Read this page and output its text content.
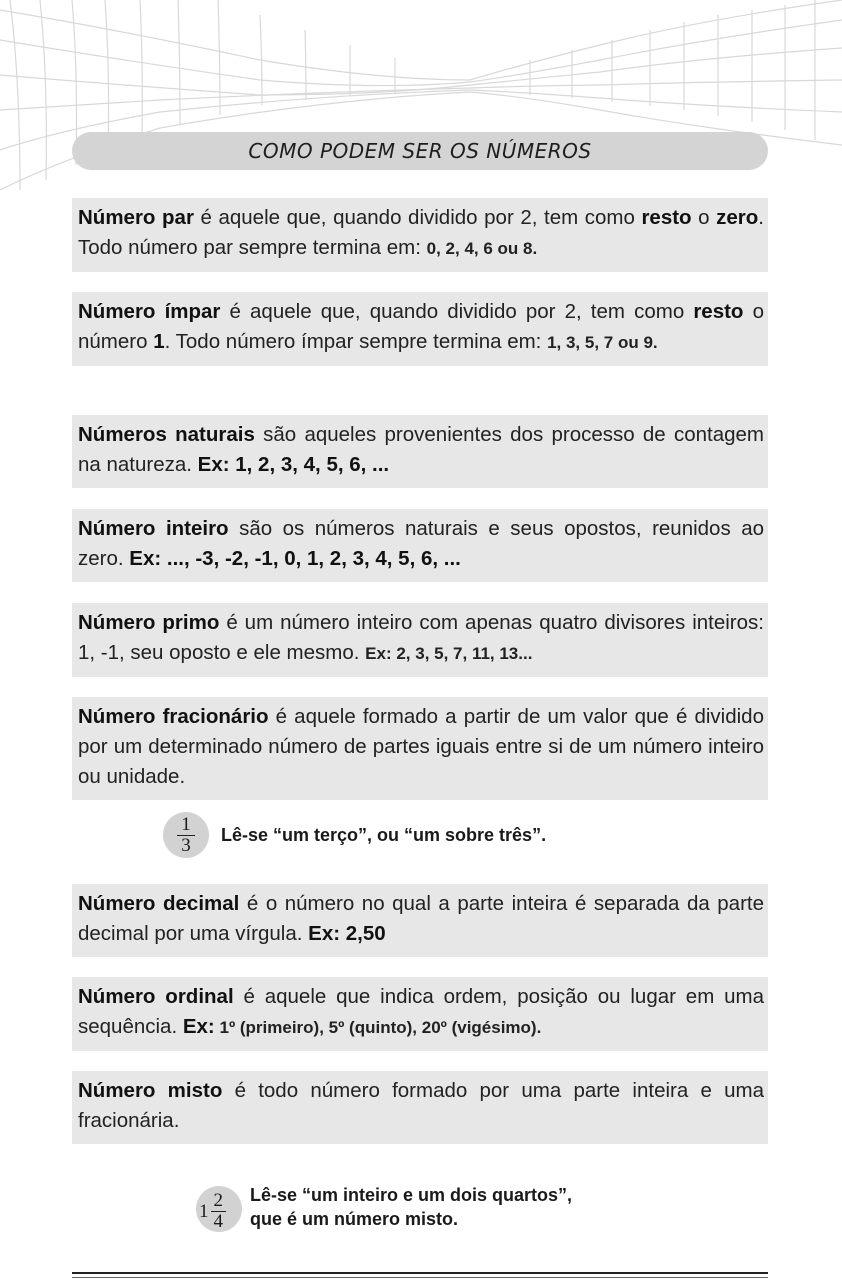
COMO PODEM SER OS NÚMEROS
Número par é aquele que, quando dividido por 2, tem como resto o zero. Todo número par sempre termina em: 0, 2, 4, 6 ou 8.
Número ímpar é aquele que, quando dividido por 2, tem como resto o número 1. Todo número ímpar sempre termina em: 1, 3, 5, 7 ou 9.
Números naturais são aqueles provenientes dos processo de contagem na natureza. Ex: 1, 2, 3, 4, 5, 6, ...
Número inteiro são os números naturais e seus opostos, reunidos ao zero. Ex: ..., -3, -2, -1, 0, 1, 2, 3, 4, 5, 6, ...
Número primo é um número inteiro com apenas quatro divisores inteiros: 1, -1, seu oposto e ele mesmo. Ex: 2, 3, 5, 7, 11, 13...
Número fracionário é aquele formado a partir de um valor que é dividido por um determinado número de partes iguais entre si de um número inteiro ou unidade.
$\frac{1}{3}$ Lê-se “um terço”, ou “um sobre três”.
Número decimal é o número no qual a parte inteira é separada da parte decimal por uma vírgula. Ex: 2,50
Número ordinal é aquele que indica ordem, posição ou lugar em uma sequência. Ex: 1º (primeiro), 5º (quinto), 20º (vigésimo).
Número misto é todo número formado por uma parte inteira e uma fracionária.
$1 \frac{2}{4}$ Lê-se “um inteiro e um dois quartos”,
que é um número misto.
